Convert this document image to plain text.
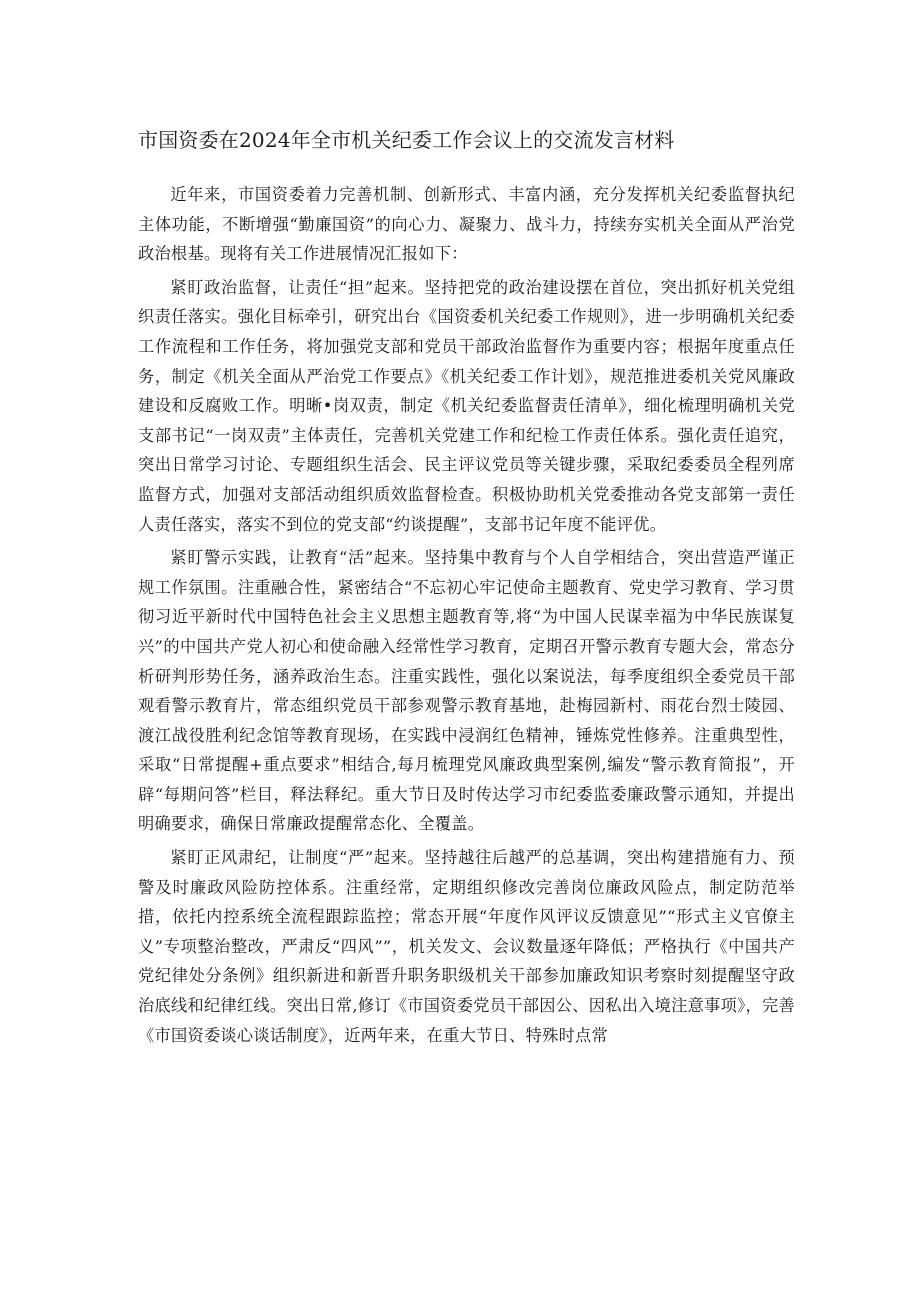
市国资委在2024年全市机关纪委工作会议上的交流发言材料

近年来，市国资委着力完善机制、创新形式、丰富内涵，充分发挥机关纪委监督执纪主体功能，不断增强“勤廉国资”的向心力、凝聚力、战斗力，持续夯实机关全面从严治党政治根基。现将有关工作进展情况汇报如下：

紧盯政治监督，让责任“担”起来。坚持把党的政治建设摆在首位，突出抓好机关党组织责任落实。强化目标牵引，研究出台《国资委机关纪委工作规则》，进一步明确机关纪委工作流程和工作任务，将加强党支部和党员干部政治监督作为重要内容；根据年度重点任务，制定《机关全面从严治党工作要点》《机关纪委工作计划》，规范推进委机关党风廉政建设和反腐败工作。明晰•岗双责，制定《机关纪委监督责任清单》，细化梳理明确机关党支部书记“一岗双责”主体责任，完善机关党建工作和纪检工作责任体系。强化责任追究，突出日常学习讨论、专题组织生活会、民主评议党员等关键步骤，采取纪委委员全程列席监督方式，加强对支部活动组织质效监督检查。积极协助机关党委推动各党支部第一责任人责任落实，落实不到位的党支部“约谈提醒”，支部书记年度不能评优。

紧盯警示实践，让教育“活”起来。坚持集中教育与个人自学相结合，突出营造严谨正规工作氛围。注重融合性，紧密结合“不忘初心牢记使命主题教育、党史学习教育、学习贯彻习近平新时代中国特色社会主义思想主题教育等,将“为中国人民谋幸福为中华民族谋复兴”的中国共产党人初心和使命融入经常性学习教育，定期召开警示教育专题大会，常态分析研判形势任务，涵养政治生态。注重实践性，强化以案说法，每季度组织全委党员干部观看警示教育片，常态组织党员干部参观警示教育基地，赴梅园新村、雨花台烈士陵园、渡江战役胜利纪念馆等教育现场，在实践中浸润红色精神，锤炼党性修养。注重典型性，采取“日常提醒+重点要求”相结合,每月梳理党风廉政典型案例,编发“警示教育简报”，开辟“每期问答”栏目，释法释纪。重大节日及时传达学习市纪委监委廉政警示通知，并提出明确要求，确保日常廉政提醒常态化、全覆盖。

紧盯正风肃纪，让制度“严”起来。坚持越往后越严的总基调，突出构建措施有力、预警及时廉政风险防控体系。注重经常，定期组织修改完善岗位廉政风险点，制定防范举措，依托内控系统全流程跟踪监控；常态开展“年度作风评议反馈意见”“形式主义官僚主义”专项整治整改，严肃反“四风””，机关发文、会议数量逐年降低；严格执行《中国共产党纪律处分条例》组织新进和新晋升职务职级机关干部参加廉政知识考察时刻提醒坚守政治底线和纪律红线。突出日常,修订《市国资委党员干部因公、因私出入境注意事项》，完善《市国资委谈心谈话制度》，近两年来，在重大节日、特殊时点常
